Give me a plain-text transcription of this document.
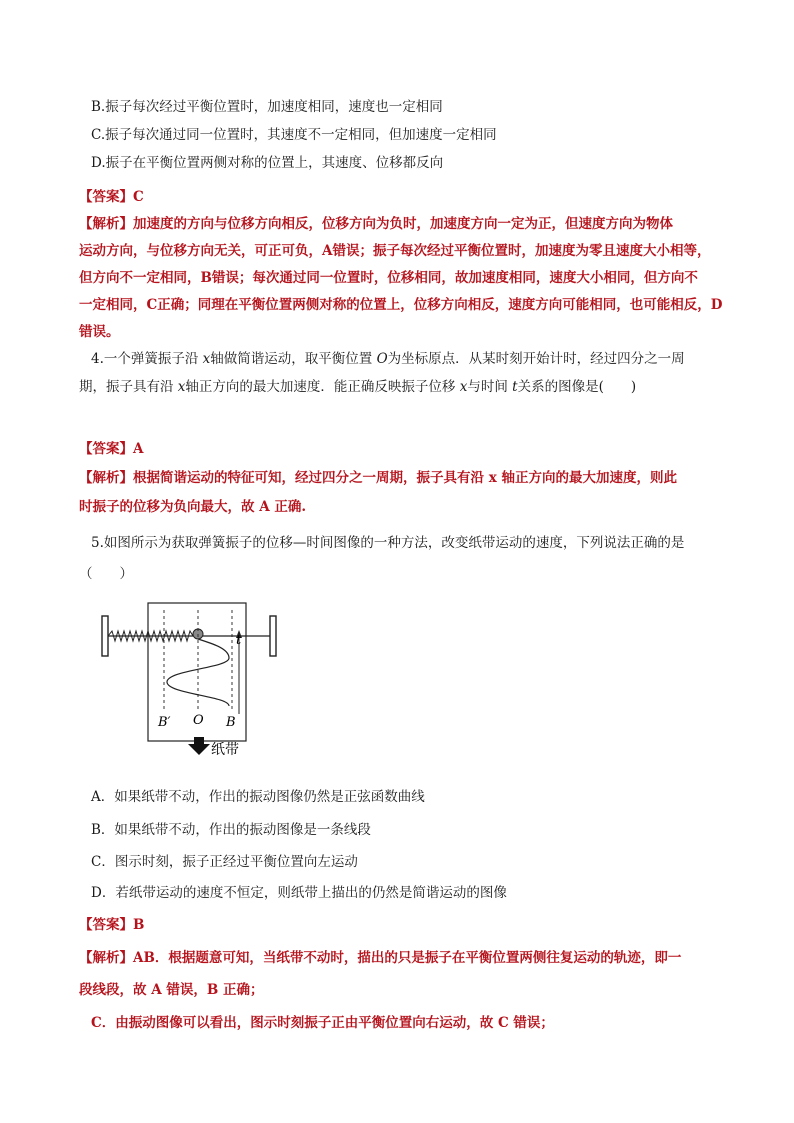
B.振子每次经过平衡位置时，加速度相同，速度也一定相同
C.振子每次通过同一位置时，其速度不一定相同，但加速度一定相同
D.振子在平衡位置两侧对称的位置上，其速度、位移都反向
【答案】C
【解析】加速度的方向与位移方向相反，位移方向为负时，加速度方向一定为正，但速度方向为物体
运动方向，与位移方向无关，可正可负，A错误；振子每次经过平衡位置时，加速度为零且速度大小相等，
但方向不一定相同，B错误；每次通过同一位置时，位移相同，故加速度相同，速度大小相同，但方向不
一定相同，C正确；同理在平衡位置两侧对称的位置上，位移方向相反，速度方向可能相同，也可能相反，D
错误。
4.一个弹簧振子沿 x轴做简谐运动，取平衡位置 O为坐标原点．从某时刻开始计时，经过四分之一周
期，振子具有沿 x轴正方向的最大加速度．能正确反映振子位移 x与时间 t关系的图像是(　　)
【答案】A
【解析】根据简谐运动的特征可知，经过四分之一周期，振子具有沿 x 轴正方向的最大加速度，则此
时振子的位移为负向最大，故 A 正确.
5.如图所示为获取弹簧振子的位移—时间图像的一种方法，改变纸带运动的速度，下列说法正确的是
（　　）
t
B′ O B
纸带
A．如果纸带不动，作出的振动图像仍然是正弦函数曲线
B．如果纸带不动，作出的振动图像是一条线段
C．图示时刻，振子正经过平衡位置向左运动
D．若纸带运动的速度不恒定，则纸带上描出的仍然是简谐运动的图像
【答案】B
【解析】AB．根据题意可知，当纸带不动时，描出的只是振子在平衡位置两侧往复运动的轨迹，即一
段线段，故 A 错误，B 正确；
C．由振动图像可以看出，图示时刻振子正由平衡位置向右运动，故 C 错误；
